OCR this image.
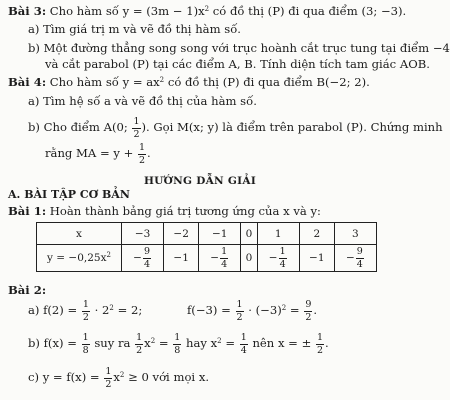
Bài 3: Cho hàm số $y = (3m - 1)x^2$ có đồ thị (P) đi qua điểm (3; −3).
a) Tìm giá trị m và vẽ đồ thị hàm số.
b) Một đường thẳng song song với trục hoành cắt trục tung tại điểm −4
và cắt parabol (P) tại các điểm A, B. Tính diện tích tam giác AOB.
Bài 4: Cho hàm số $y = ax^2$ có đồ thị (P) đi qua điểm B(−2; 2).
a) Tìm hệ số a và vẽ đồ thị của hàm số.
b) Cho điểm A(0; $\frac{1}{2}$ ). Gọi M(x; y) là điểm trên parabol (P). Chứng minh
rằng MA = $y + \frac{1}{2}$ .
HƯỚNG DẪN GIẢI
A. BÀI TẬP CƠ BẢN
Bài 1: Hoàn thành bảng giá trị tương ứng của x và y:
x	−3	−2	−1	0	1	2	3
$y = -0,25x^2$	− $\frac{9}{4}$	−1	− $\frac{1}{4}$	0	− $\frac{1}{4}$	−1	− $\frac{9}{4}$
Bài 2:
a) $f(2) = \frac{1}{2} \cdot 2^2 = 2$;	$f(-3) = \frac{1}{2} \cdot (-3)^2 = \frac{9}{2}$ .
b) $f(x) = \frac{1}{8}$ suy ra $\frac{1}{2} x^2 = \frac{1}{8}$ hay $x^2 = \frac{1}{4}$ nên x = ± $\frac{1}{2}$ .
c) $y = f(x) = \frac{1}{2} x^2 \ge 0$ với mọi x.
